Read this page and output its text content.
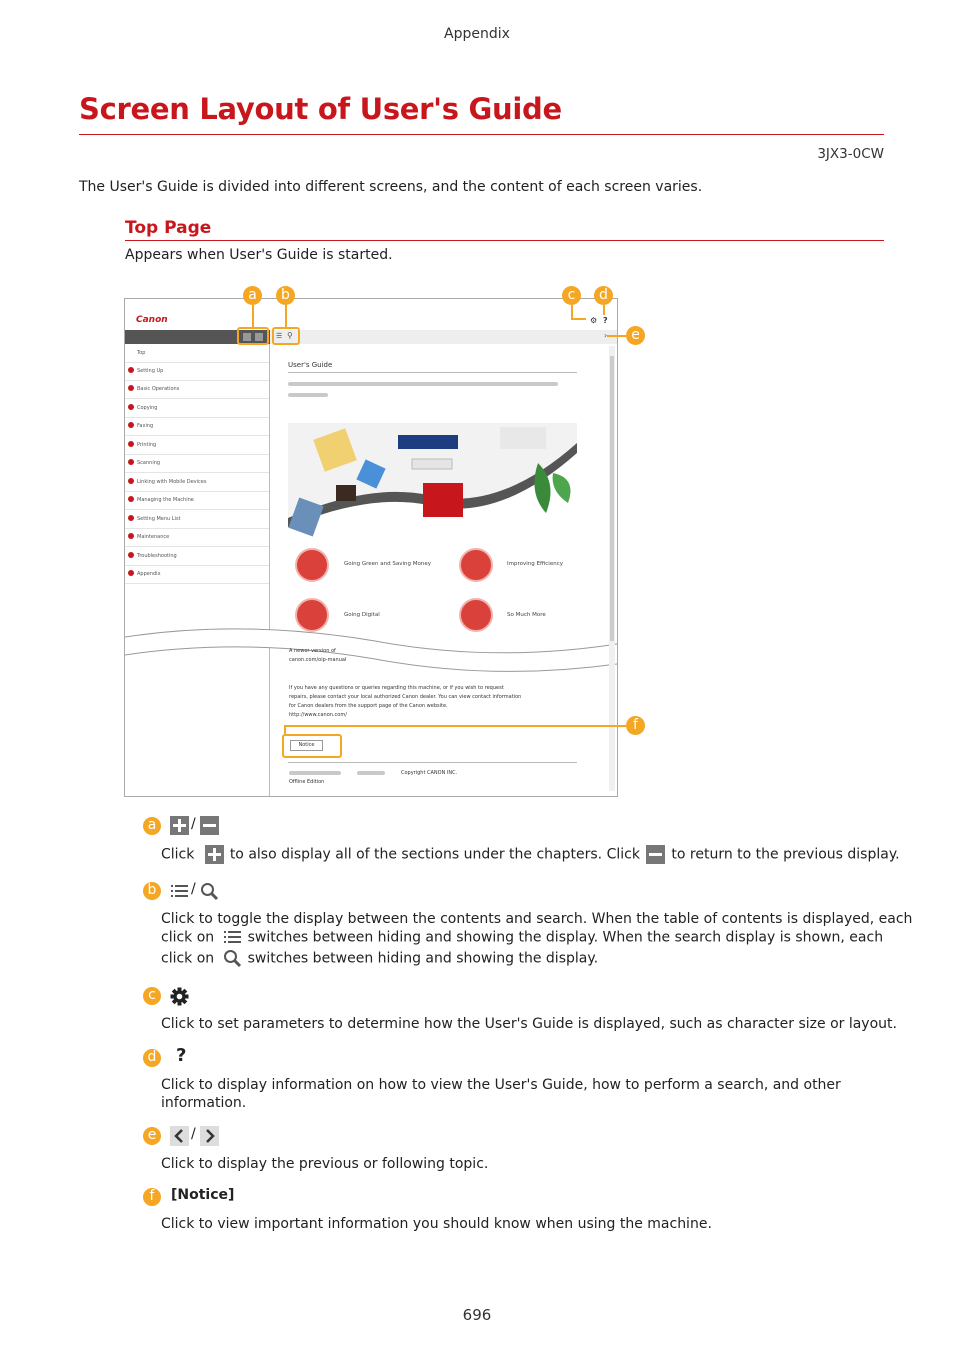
Appendix
Screen Layout of User's Guide
3JX3-0CW
The User's Guide is divided into different screens, and the content of each screen varies.
Top Page
Appears when User's Guide is started.
Canon	⚙ ?
☰ ⚲	›
Top
Setting Up
Basic Operations
Copying
Faxing
Printing
Scanning
Linking with Mobile Devices
Managing the Machine
Setting Menu List
Maintenance
Troubleshooting
Appendix
User's Guide
Going Green and Saving Money	Improving Efficiency
Going Digital	So Much More
A newer version of
canon.com/oip-manual
If you have any questions or queries regarding this machine, or if you wish to request
repairs, please contact your local authorized Canon dealer. You can view contact information
for Canon dealers from the support page of the Canon website.
http://www.canon.com/
Notice
Copyright CANON INC.
Offline Edition
a	b	c	d
e
f
a	/
Click	to also display all of the sections under the chapters. Click to return to the previous display.
b	/
Click to toggle the display between the contents and search. When the table of contents is displayed, each
click on switches between hiding and showing the display. When the search display is shown, each
click on switches between hiding and showing the display.
c
Click to set parameters to determine how the User's Guide is displayed, such as character size or layout.
d ?
Click to display information on how to view the User's Guide, how to perform a search, and other
information.
e	/
Click to display the previous or following topic.
f	[Notice]
Click to view important information you should know when using the machine.
696
